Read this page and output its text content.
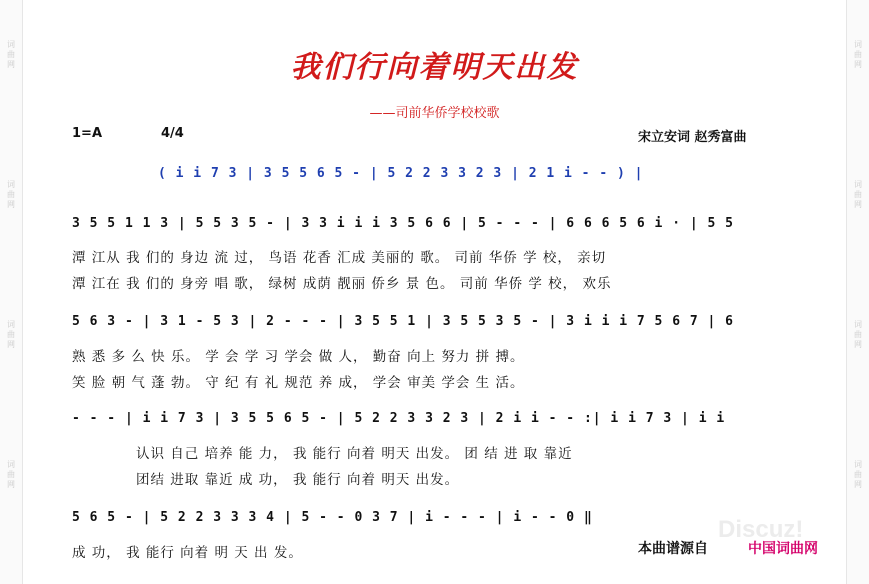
词 曲 网
词 曲 网
词 曲 网
词 曲 网
词 曲 网
词 曲 网
词 曲 网
词 曲 网
我们行向着明天出发
——司前华侨学校校歌
1=A	4/4	宋立安词 赵秀富曲
( i i 7 3 | 3 5 5 6 5 - | 5 2 2 3 3 2 3 | 2 1 i - - ) |
3 5 5 1 1 3 | 5 5 3 5 - | 3 3 i i i 3 5 6 6 | 5 - - - | 6 6 6 5 6 i · | 5 5
潭 江从 我 们的 身边 流 过， 鸟语 花香 汇成 美丽的 歌。 司前 华侨 学 校， 亲切
潭 江在 我 们的 身旁 唱 歌， 绿树 成荫 靓丽 侨乡 景 色。 司前 华侨 学 校， 欢乐
5 6 3 - | 3 1 - 5 3 | 2 - - - | 3 5 5 1 | 3 5 5 3 5 - | 3 i i i 7 5 6 7 | 6
熟 悉 多 么 快 乐。 学 会 学 习 学会 做 人， 勤奋 向上 努力 拼 搏。
笑 脸 朝 气 蓬 勃。 守 纪 有 礼 规范 养 成， 学会 审美 学会 生 活。
- - - | i i 7 3 | 3 5 5 6 5 - | 5 2 2 3 3 2 3 | 2 i i - - :| i i 7 3 | i i
认识 自己 培养 能 力， 我 能行 向着 明天 出发。 团 结 进 取 靠近
团结 进取 靠近 成 功， 我 能行 向着 明天 出发。
5 6 5 - | 5 2 2 3 3 3 4 | 5 - - 0 3 7 | i - - - | i - - 0 ‖
成 功， 我 能行 向着 明 天 出 发。
Discuz!
本曲谱源自	中国词曲网
